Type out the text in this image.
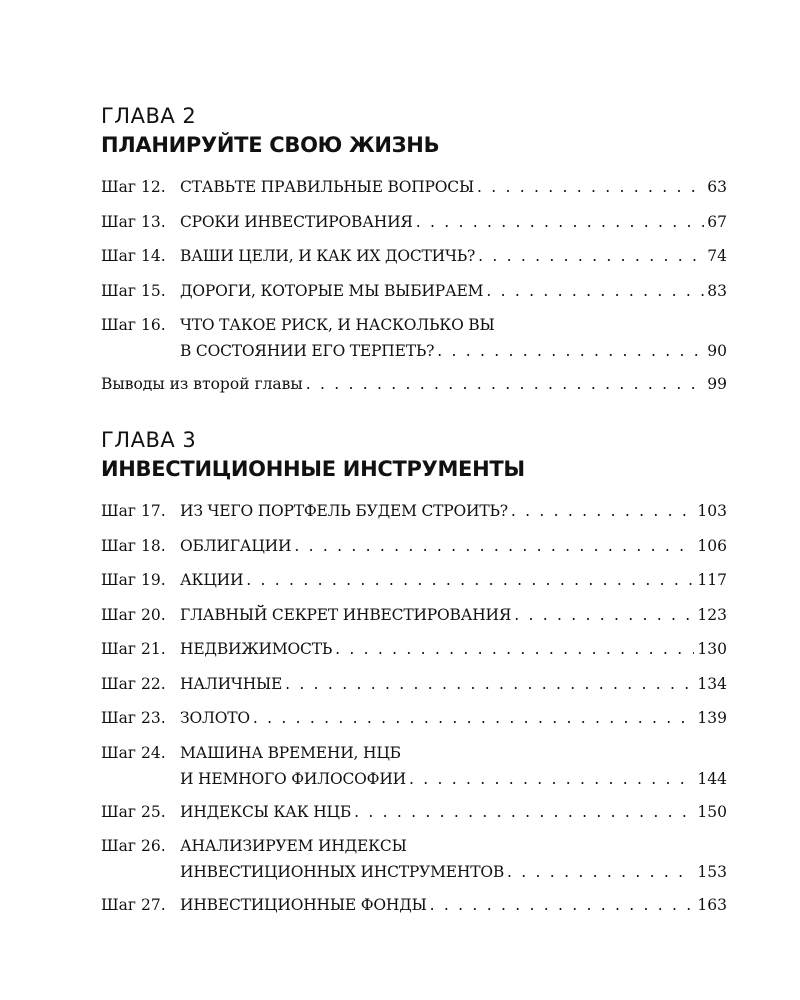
ГЛАВА 2
ПЛАНИРУЙТЕ СВОЮ ЖИЗНЬ
Шаг 12. СТАВЬТЕ ПРАВИЛЬНЫЕ ВОПРОСЫ . . .	63
Шаг 13. СРОКИ ИНВЕСТИРОВАНИЯ . . .	67
Шаг 14. ВАШИ ЦЕЛИ, И КАК ИХ ДОСТИЧЬ? . . .	74
Шаг 15. ДОРОГИ, КОТОРЫЕ МЫ ВЫБИРАЕМ . . .	83
Шаг 16. ЧТО ТАКОЕ РИСК, И НАСКОЛЬКО ВЫ
В СОСТОЯНИИ ЕГО ТЕРПЕТЬ? . . .	90
Выводы из второй главы . . .	99
ГЛАВА 3
ИНВЕСТИЦИОННЫЕ ИНСТРУМЕНТЫ
Шаг 17. ИЗ ЧЕГО ПОРТФЕЛЬ БУДЕМ СТРОИТЬ? . . .	103
Шаг 18. ОБЛИГАЦИИ . . .	106
Шаг 19. АКЦИИ . . .	117
Шаг 20. ГЛАВНЫЙ СЕКРЕТ ИНВЕСТИРОВАНИЯ . . .	123
Шаг 21. НЕДВИЖИМОСТЬ . . .	130
Шаг 22. НАЛИЧНЫЕ . . .	134
Шаг 23. ЗОЛОТО . . .	139
Шаг 24. МАШИНА ВРЕМЕНИ, НЦБ
И НЕМНОГО ФИЛОСОФИИ . . .	144
Шаг 25. ИНДЕКСЫ КАК НЦБ . . .	150
Шаг 26. АНАЛИЗИРУЕМ ИНДЕКСЫ
ИНВЕСТИЦИОННЫХ ИНСТРУМЕНТОВ . . .	153
Шаг 27. ИНВЕСТИЦИОННЫЕ ФОНДЫ . . .	163
